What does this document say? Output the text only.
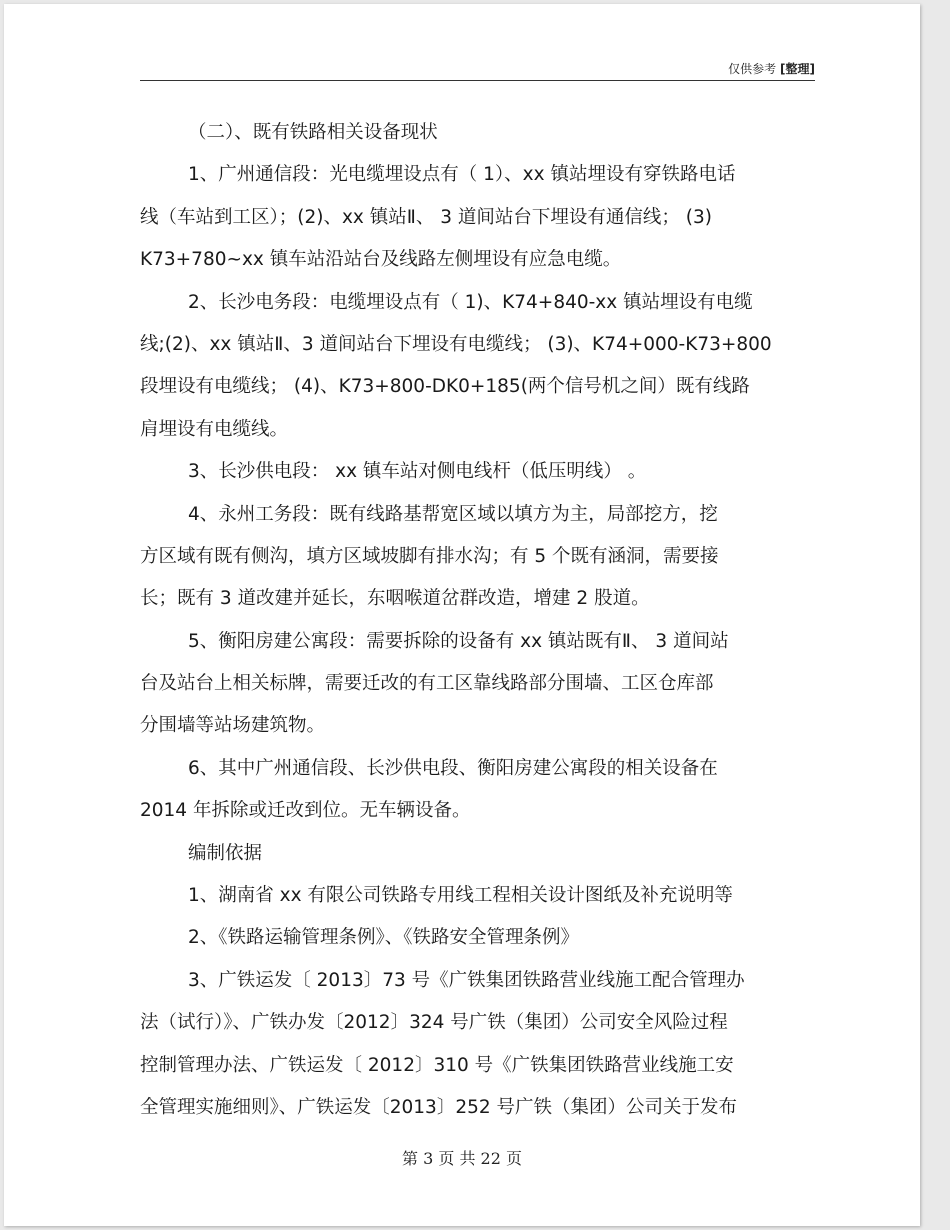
仅供参考 [整理]
（二）、既有铁路相关设备现状
1、广州通信段：光电缆埋设点有（ 1）、xx 镇站埋设有穿铁路电话
线（车站到工区）；(2)、xx 镇站Ⅱ、 3 道间站台下埋设有通信线； (3)
K73+780~xx 镇车站沿站台及线路左侧埋设有应急电缆。
2、长沙电务段：电缆埋设点有（ 1)、K74+840-xx 镇站埋设有电缆
线;(2)、xx 镇站Ⅱ、3 道间站台下埋设有电缆线； (3)、K74+000-K73+800
段埋设有电缆线； (4)、K73+800-DK0+185(两个信号机之间）既有线路
肩埋设有电缆线。
3、长沙供电段： xx 镇车站对侧电线杆（低压明线） 。
4、永州工务段：既有线路基帮宽区域以填方为主，局部挖方，挖
方区域有既有侧沟，填方区域坡脚有排水沟；有 5 个既有涵洞，需要接
长；既有 3 道改建并延长，东咽喉道岔群改造，增建 2 股道。
5、衡阳房建公寓段：需要拆除的设备有 xx 镇站既有Ⅱ、 3 道间站
台及站台上相关标牌，需要迁改的有工区靠线路部分围墙、工区仓库部
分围墙等站场建筑物。
6、其中广州通信段、长沙供电段、衡阳房建公寓段的相关设备在
2014 年拆除或迁改到位。无车辆设备。
编制依据
1、湖南省 xx 有限公司铁路专用线工程相关设计图纸及补充说明等
2、《铁路运输管理条例》、《铁路安全管理条例》
3、广铁运发〔 2013〕73 号《广铁集团铁路营业线施工配合管理办
法（试行）》、广铁办发〔2012〕324 号广铁（集团）公司安全风险过程
控制管理办法、广铁运发〔 2012〕310 号《广铁集团铁路营业线施工安
全管理实施细则》、广铁运发〔2013〕252 号广铁（集团）公司关于发布
第 3 页 共 22 页
